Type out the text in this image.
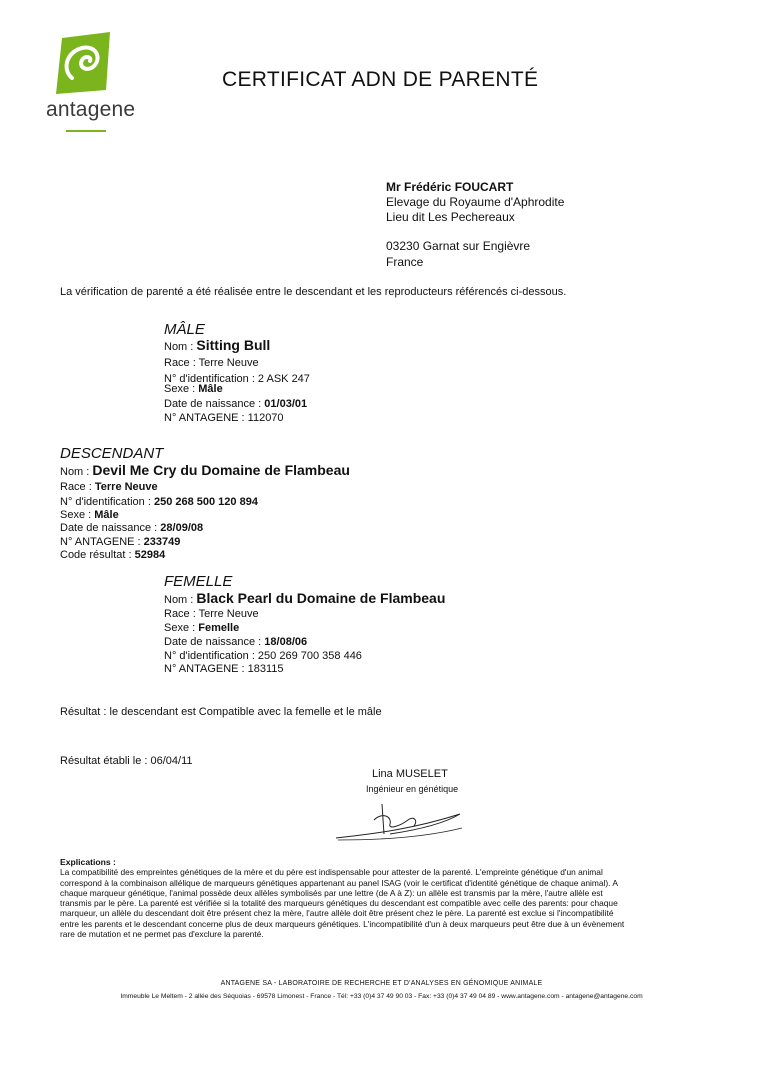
antagene
CERTIFICAT ADN DE PARENTÉ
Mr Frédéric FOUCART
Elevage du Royaume d'Aphrodite
Lieu dit Les Pechereaux
03230 Garnat sur Engièvre
France
La vérification de parenté a été réalisée entre le descendant et les reproducteurs référencés ci-dessous.
MÂLE
Nom : Sitting Bull
Race : Terre Neuve
N° d'identification : 2 ASK 247
Sexe : Mâle
Date de naissance : 01/03/01
N° ANTAGENE : 112070
DESCENDANT
Nom : Devil Me Cry du Domaine de Flambeau
Race : Terre Neuve
N° d'identification : 250 268 500 120 894
Sexe : Mâle
Date de naissance : 28/09/08
N° ANTAGENE : 233749
Code résultat : 52984
FEMELLE
Nom : Black Pearl du Domaine de Flambeau
Race : Terre Neuve
Sexe : Femelle
Date de naissance : 18/08/06
N° d'identification : 250 269 700 358 446
N° ANTAGENE : 183115
Résultat : le descendant est Compatible avec la femelle et le mâle
Résultat établi le : 06/04/11
Lina MUSELET
Ingénieur en génétique
Explications :
La compatibilité des empreintes génétiques de la mère et du père est indispensable pour attester de la parenté. L'empreinte génétique d'un animal
correspond à la combinaison allélique de marqueurs génétiques appartenant au panel ISAG (voir le certificat d'identité génétique de chaque animal). A
chaque marqueur génétique, l'animal possède deux allèles symbolisés par une lettre (de A à Z): un allèle est transmis par la mère, l'autre allèle est
transmis par le père. La parenté est vérifiée si la totalité des marqueurs génétiques du descendant est compatible avec celle des parents: pour chaque
marqueur, un allèle du descendant doit être présent chez la mère, l'autre allèle doit être présent chez le père. La parenté est exclue si l'incompatibilité
entre les parents et le descendant concerne plus de deux marqueurs génétiques. L'incompatibilité d'un à deux marqueurs peut être due à un évènement
rare de mutation et ne permet pas d'exclure la parenté.
ANTAGENE SA - LABORATOIRE DE RECHERCHE ET D'ANALYSES EN GÉNOMIQUE ANIMALE
Immeuble Le Meltem - 2 allée des Séquoias - 69578 Limonest - France - Tél: +33 (0)4 37 49 90 03 - Fax: +33 (0)4 37 49 04 89 - www.antagene.com - antagene@antagene.com
